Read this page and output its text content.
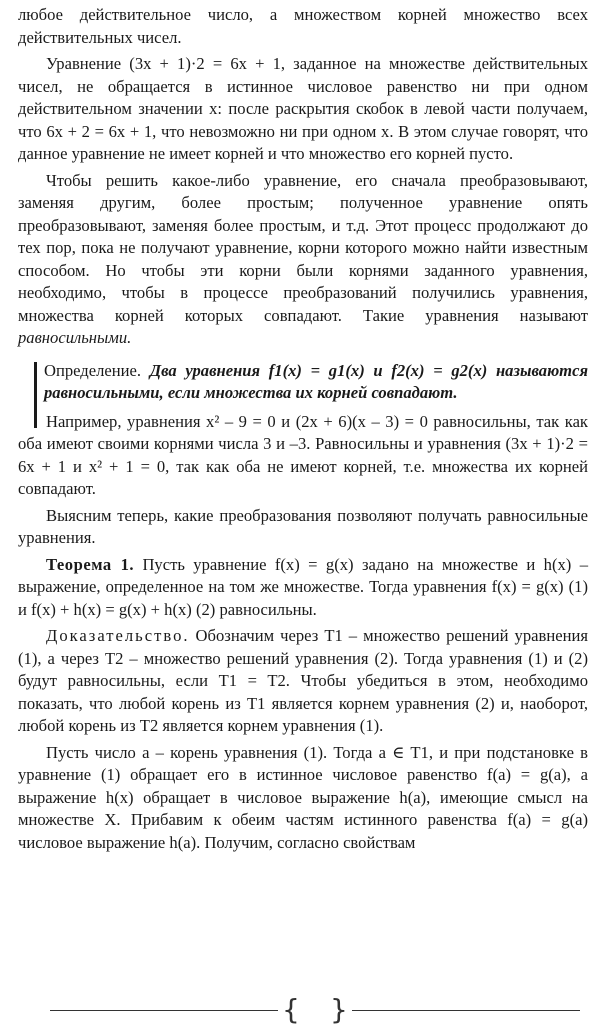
любое действительное число, а множеством корней множество всех действительных чисел.

Уравнение (3x + 1)·2 = 6x + 1, заданное на множестве действительных чисел, не обращается в истинное числовое равенство ни при одном действительном значении x: после раскрытия скобок в левой части получаем, что 6x + 2 = 6x + 1, что невозможно ни при одном x. В этом случае говорят, что данное уравнение не имеет корней и что множество его корней пусто.

Чтобы решить какое-либо уравнение, его сначала преобразовывают, заменяя другим, более простым; полученное уравнение опять преобразовывают, заменяя более простым, и т.д. Этот процесс продолжают до тех пор, пока не получают уравнение, корни которого можно найти известным способом. Но чтобы эти корни были корнями заданного уравнения, необходимо, чтобы в процессе преобразований получились уравнения, множества корней которых совпадают. Такие уравнения называют равносильными.

Определение. Два уравнения f1(x) = g1(x) и f2(x) = g2(x) называются равносильными, если множества их корней совпадают.

Например, уравнения x² – 9 = 0 и (2x + 6)(x – 3) = 0 равносильны, так как оба имеют своими корнями числа 3 и –3. Равносильны и уравнения (3x + 1)·2 = 6x + 1 и x² + 1 = 0, так как оба не имеют корней, т.е. множества их корней совпадают.

Выясним теперь, какие преобразования позволяют получать равносильные уравнения.

Теорема 1. Пусть уравнение f(x) = g(x) задано на множестве и h(x) – выражение, определенное на том же множестве. Тогда уравнения f(x) = g(x) (1) и f(x) + h(x) = g(x) + h(x) (2) равносильны.

Доказательство. Обозначим через T1 – множество решений уравнения (1), а через T2 – множество решений уравнения (2). Тогда уравнения (1) и (2) будут равносильны, если T1 = T2. Чтобы убедиться в этом, необходимо показать, что любой корень из T1 является корнем уравнения (2) и, наоборот, любой корень из T2 является корнем уравнения (1).

Пусть число a – корень уравнения (1). Тогда a ∈ T1, и при подстановке в уравнение (1) обращает его в истинное числовое равенство f(a) = g(a), а выражение h(x) обращает в числовое выражение h(a), имеющие смысл на множестве X. Прибавим к обеим частям истинного равенства f(a) = g(a) числовое выражение h(a). Получим, согласно свойствам

{ }
